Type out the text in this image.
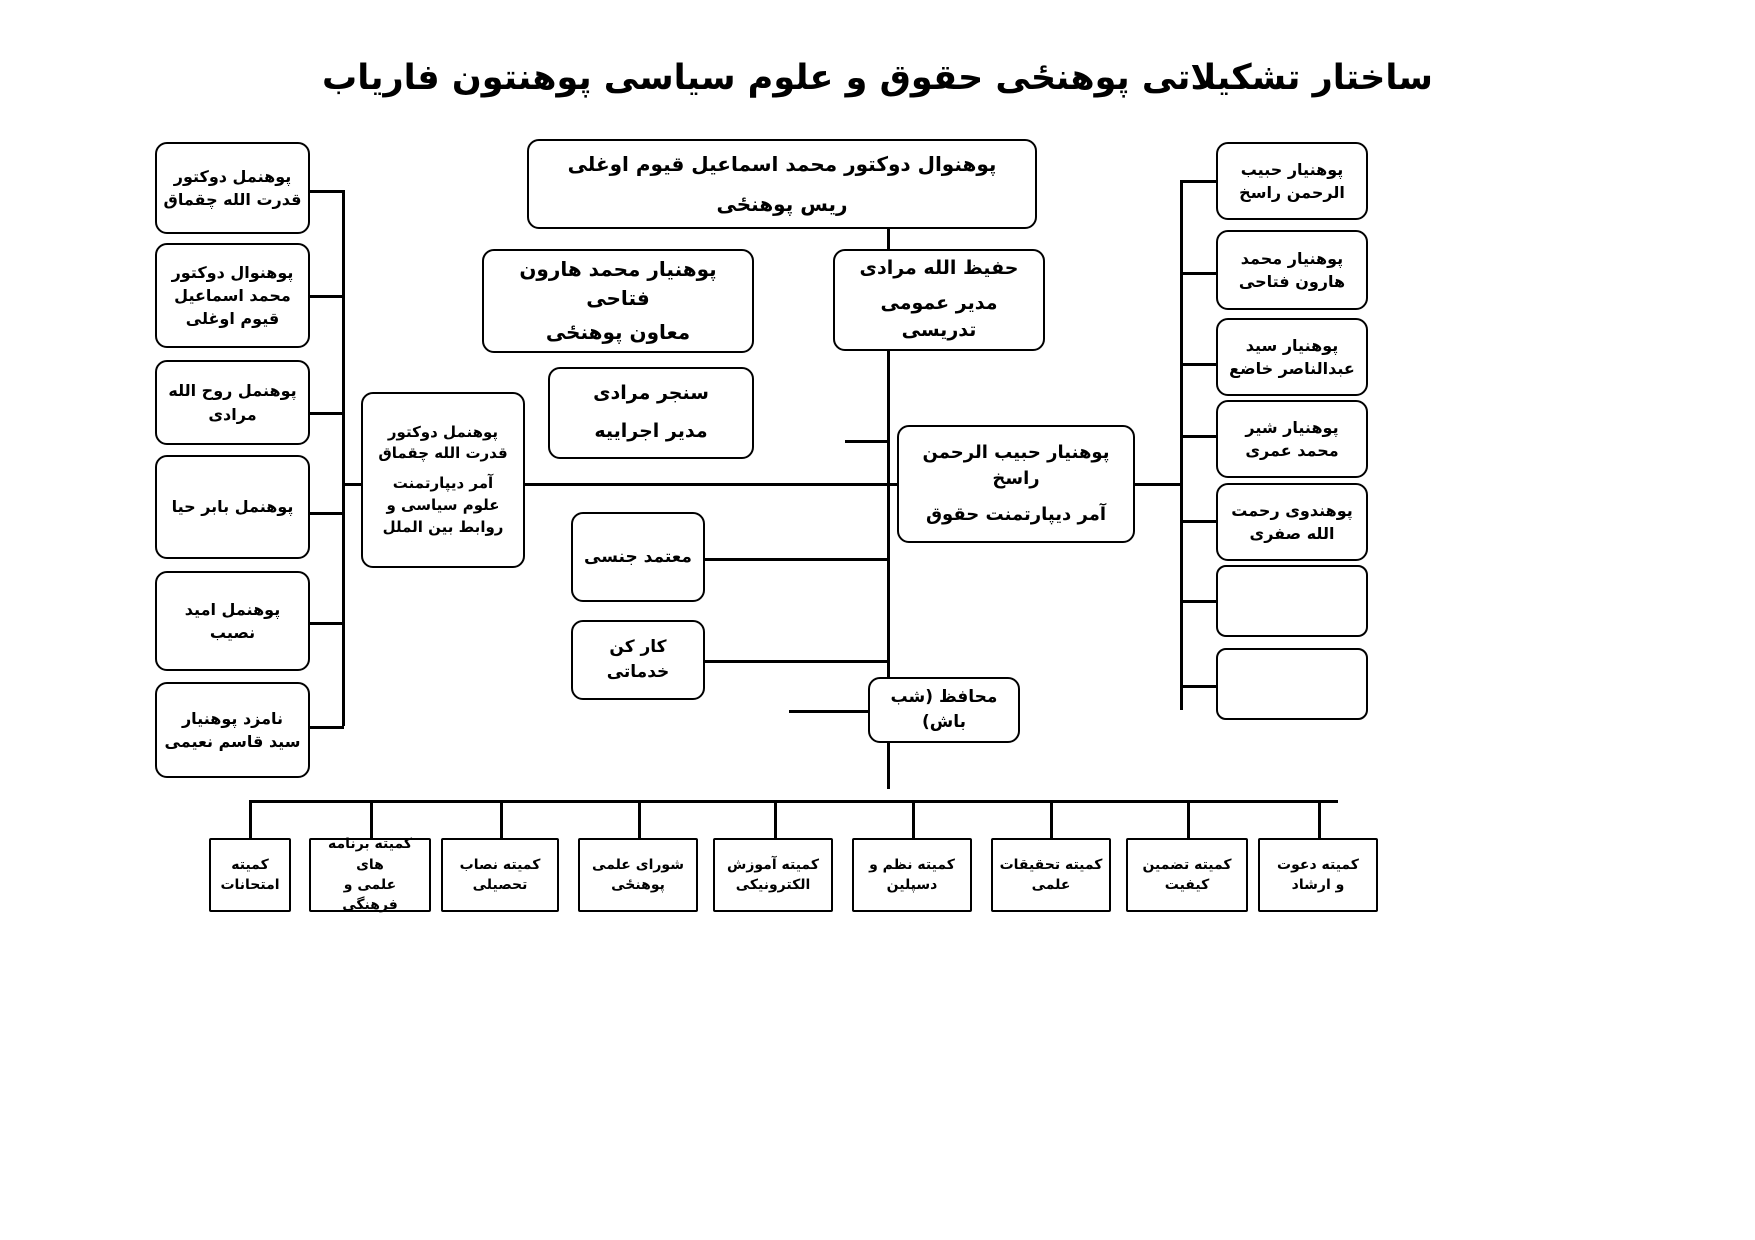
ساختار تشکیلاتی پوهنځی حقوق و علوم سیاسی پوهنتون فاریاب
پوهنوال دوکتور محمد اسماعیل قیوم اوغلی
ریس پوهنځی
پوهنیار محمد هارون فتاحی
معاون پوهنځی
حفیظ الله مرادی
مدیر عمومی تدریسی
سنجر مرادی
مدیر اجراییه
پوهنمل دوکتور قدرت الله چقماق
آمر دیپارتمنت
علوم سیاسی و
روابط بین الملل
پوهنیار حبیب الرحمن راسخ
آمر دیپارتمنت حقوق
معتمد جنسی
کار کن خدماتی
محافظ (شب باش)
پوهنمل دوکتور
قدرت الله چقماق
پوهنوال دوکتور
محمد اسماعیل
قیوم اوغلی
پوهنمل روح الله
مرادی
پوهنمل بابر حیا
پوهنمل امید
نصیب
نامزد پوهنیار
سید قاسم نعیمی
پوهنیار حبیب
الرحمن راسخ
پوهنیار محمد
هارون فتاحی
پوهنیار سید
عبدالناصر خاضع
پوهنیار شیر
محمد عمری
پوهندوی رحمت
الله صفری
کمیته دعوت
و ارشاد
کمیته تضمین
کیفیت
کمیته تحقیقات
علمی
کمیته نظم و
دسپلین
کمیته آموزش
الکترونیکی
شورای علمی
پوهنځی
کمیته نصاب
تحصیلی
کمیته برنامه های
علمی و فرهنگی
کمیته
امتحانات
